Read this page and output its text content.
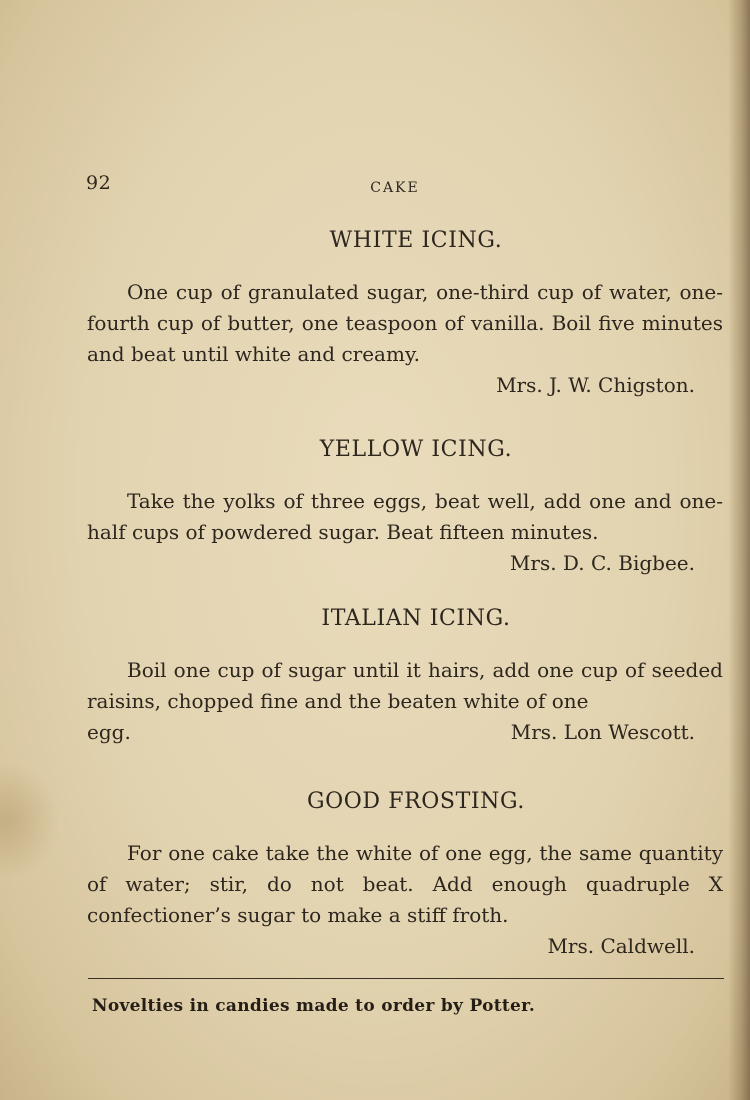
92	CAKE
WHITE ICING.

One cup of granulated sugar, one-third cup of water, one-fourth cup of butter, one teaspoon of vanilla. Boil five minutes and beat until white and creamy.

Mrs. J. W. Chigston.
YELLOW ICING.

Take the yolks of three eggs, beat well, add one and one-half cups of powdered sugar. Beat fifteen minutes.

Mrs. D. C. Bigbee.
ITALIAN ICING.

Boil one cup of sugar until it hairs, add one cup of seeded raisins, chopped fine and the beaten white of one

egg.	Mrs. Lon Wescott.
GOOD FROSTING.

For one cake take the white of one egg, the same quantity of water; stir, do not beat. Add enough quadruple X confectioner’s sugar to make a stiff froth.

Mrs. Caldwell.
Novelties in candies made to order by Potter.
